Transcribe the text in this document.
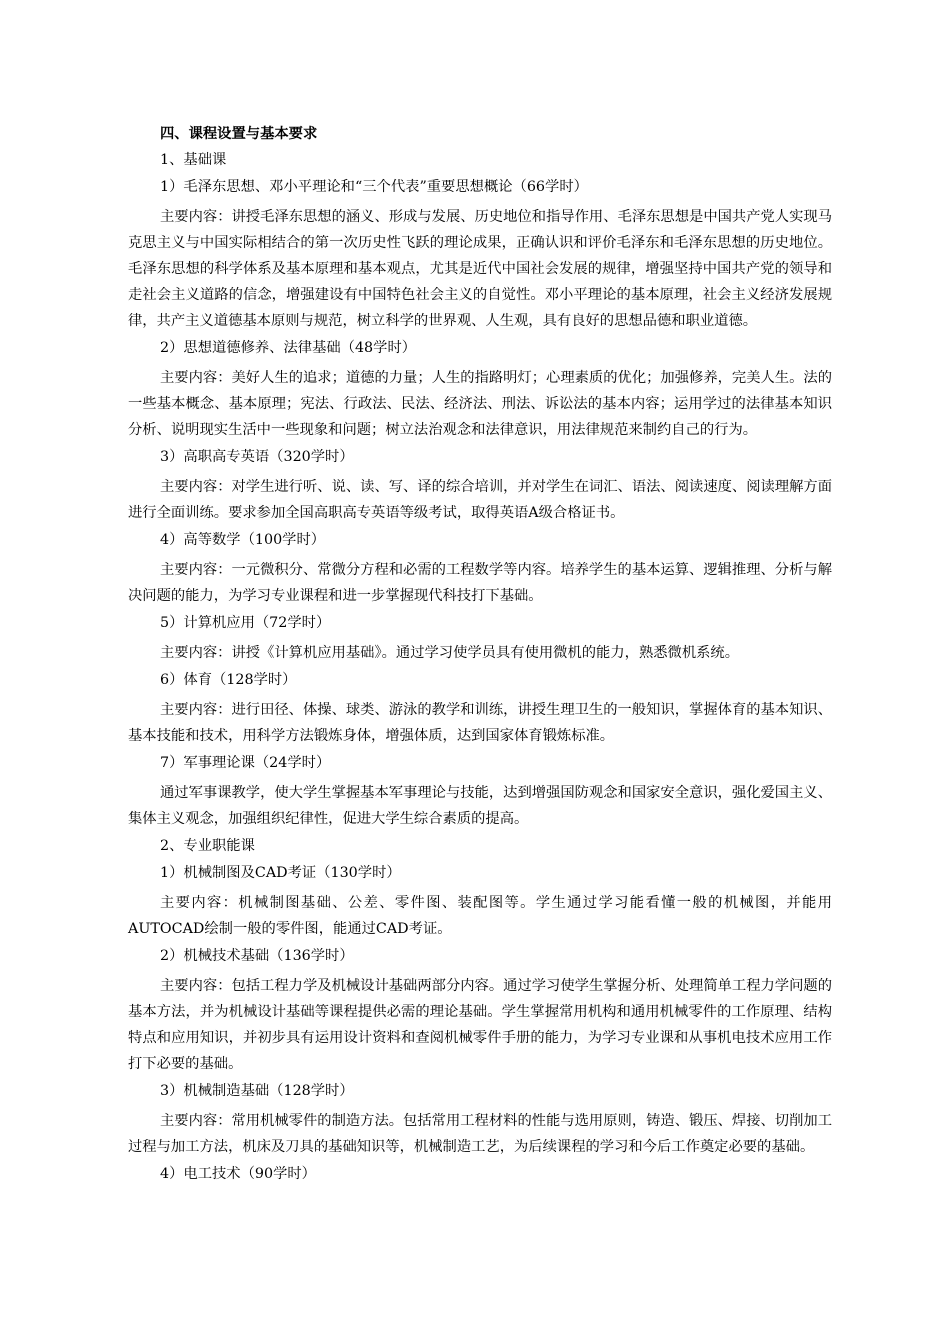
四、课程设置与基本要求
1、基础课
1）毛泽东思想、邓小平理论和“三个代表”重要思想概论（66学时）

主要内容：讲授毛泽东思想的涵义、形成与发展、历史地位和指导作用、毛泽东思想是中国共产党人实现马克思主义与中国实际相结合的第一次历史性飞跃的理论成果，正确认识和评价毛泽东和毛泽东思想的历史地位。毛泽东思想的科学体系及基本原理和基本观点，尤其是近代中国社会发展的规律，增强坚持中国共产党的领导和走社会主义道路的信念，增强建设有中国特色社会主义的自觉性。邓小平理论的基本原理，社会主义经济发展规律，共产主义道德基本原则与规范，树立科学的世界观、人生观，具有良好的思想品德和职业道德。

2）思想道德修养、法律基础（48学时）

主要内容：美好人生的追求；道德的力量；人生的指路明灯；心理素质的优化；加强修养，完美人生。法的一些基本概念、基本原理；宪法、行政法、民法、经济法、刑法、诉讼法的基本内容；运用学过的法律基本知识分析、说明现实生活中一些现象和问题；树立法治观念和法律意识，用法律规范来制约自己的行为。

3）高职高专英语（320学时）

主要内容：对学生进行听、说、读、写、译的综合培训，并对学生在词汇、语法、阅读速度、阅读理解方面进行全面训练。要求参加全国高职高专英语等级考试，取得英语A级合格证书。

4）高等数学（100学时）

主要内容：一元微积分、常微分方程和必需的工程数学等内容。培养学生的基本运算、逻辑推理、分析与解决问题的能力，为学习专业课程和进一步掌握现代科技打下基础。

5）计算机应用（72学时）

主要内容：讲授《计算机应用基础》。通过学习使学员具有使用微机的能力，熟悉微机系统。

6）体育（128学时）

主要内容：进行田径、体操、球类、游泳的教学和训练，讲授生理卫生的一般知识，掌握体育的基本知识、基本技能和技术，用科学方法锻炼身体，增强体质，达到国家体育锻炼标准。

7）军事理论课（24学时）

通过军事课教学，使大学生掌握基本军事理论与技能，达到增强国防观念和国家安全意识，强化爱国主义、集体主义观念，加强组织纪律性，促进大学生综合素质的提高。

2、专业职能课
1）机械制图及CAD考证（130学时）

主要内容：机械制图基础、公差、零件图、装配图等。学生通过学习能看懂一般的机械图，并能用AUTOCAD绘制一般的零件图，能通过CAD考证。

2）机械技术基础（136学时）

主要内容：包括工程力学及机械设计基础两部分内容。通过学习使学生掌握分析、处理简单工程力学问题的基本方法，并为机械设计基础等课程提供必需的理论基础。学生掌握常用机构和通用机械零件的工作原理、结构特点和应用知识，并初步具有运用设计资料和查阅机械零件手册的能力，为学习专业课和从事机电技术应用工作打下必要的基础。

3）机械制造基础（128学时）

主要内容：常用机械零件的制造方法。包括常用工程材料的性能与选用原则，铸造、锻压、焊接、切削加工过程与加工方法，机床及刀具的基础知识等，机械制造工艺，为后续课程的学习和今后工作奠定必要的基础。

4）电工技术（90学时）
